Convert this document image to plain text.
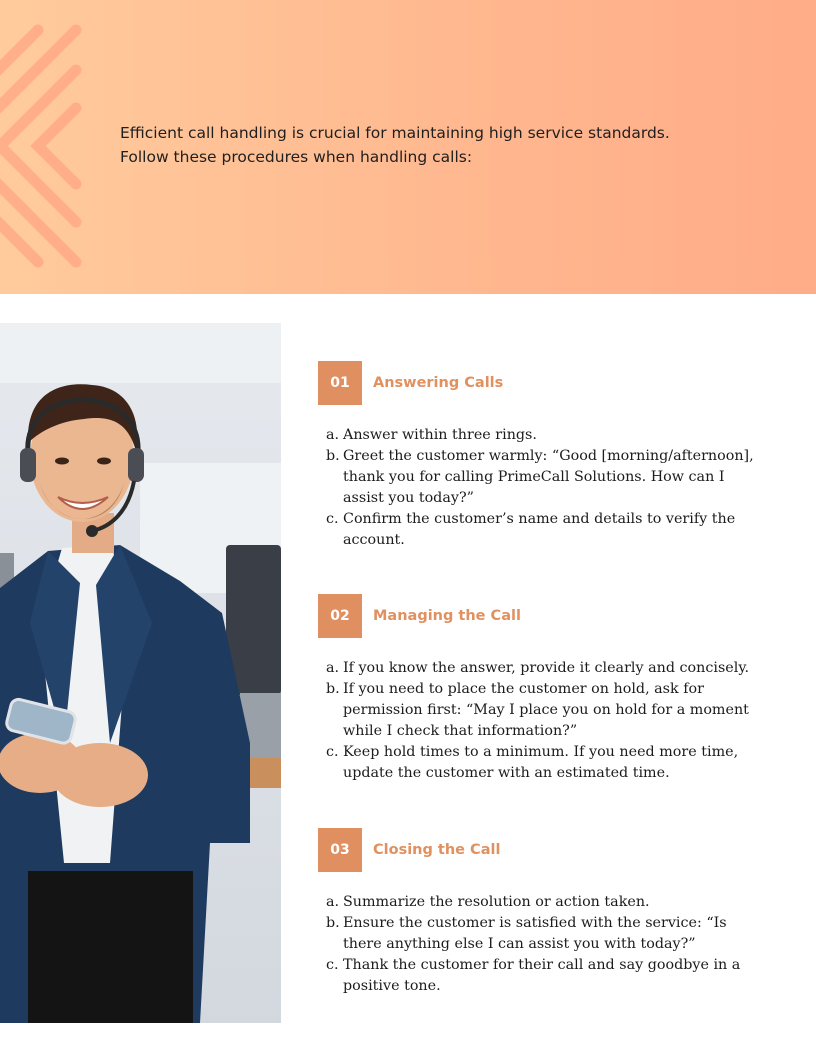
Efficient call handling is crucial for maintaining high service standards.
Follow these procedures when handling calls:

01	Answering Calls
a. Answer within three rings.
b. Greet the customer warmly: “Good [morning/afternoon], thank you for calling PrimeCall Solutions. How can I assist you today?”
c. Confirm the customer’s name and details to verify the account.
02	Managing the Call
a. If you know the answer, provide it clearly and concisely.
b. If you need to place the customer on hold, ask for permission first: “May I place you on hold for a moment while I check that information?”
c. Keep hold times to a minimum. If you need more time, update the customer with an estimated time.
03	Closing the Call
a. Summarize the resolution or action taken.
b. Ensure the customer is satisfied with the service: “Is there anything else I can assist you with today?”
c. Thank the customer for their call and say goodbye in a positive tone.
